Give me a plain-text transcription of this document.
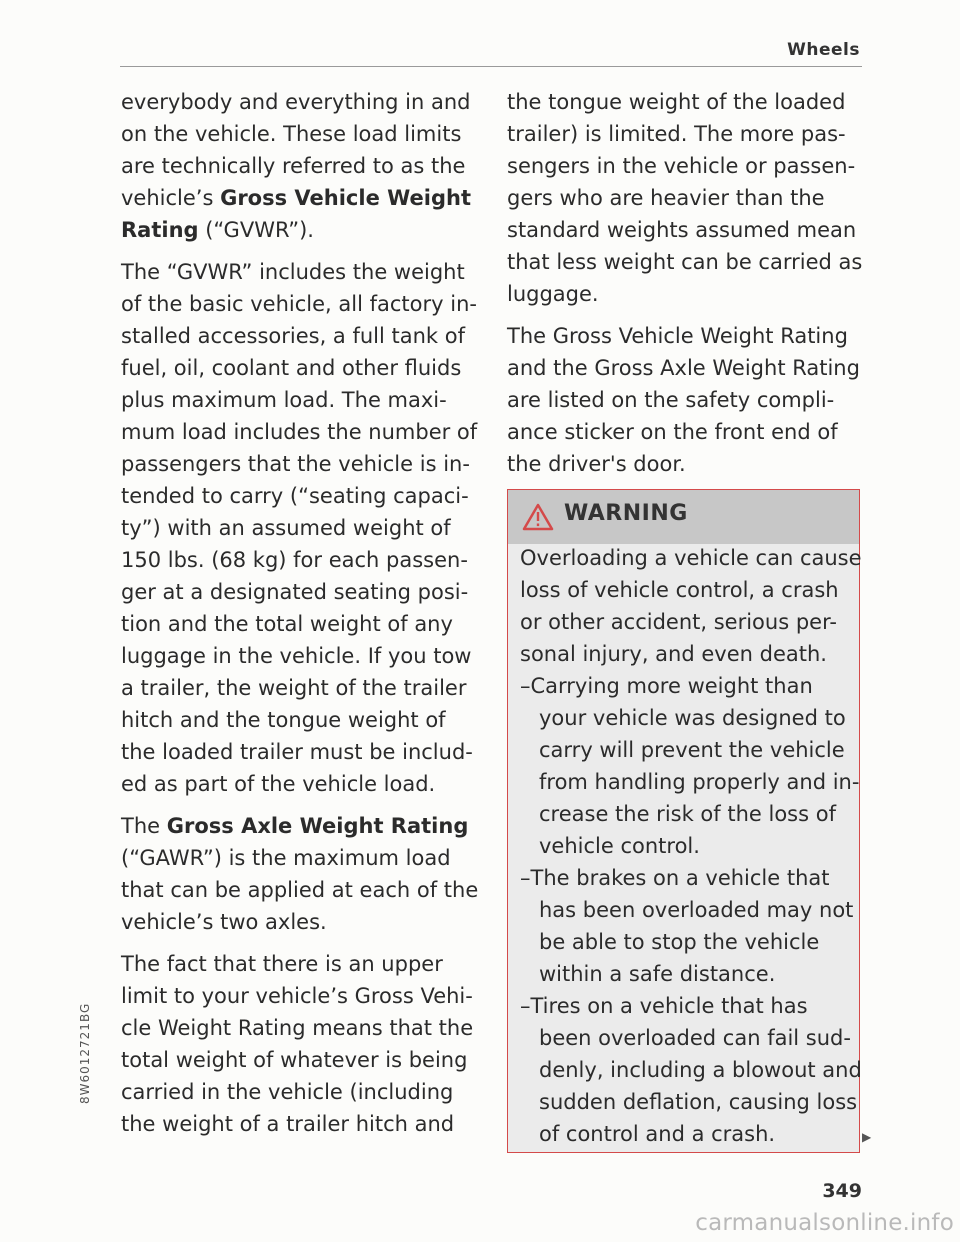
Wheels

everybody and everything in and
on the vehicle. These load limits
are technically referred to as the
vehicle’s Gross Vehicle Weight
Rating (“GVWR”).

The “GVWR” includes the weight
of the basic vehicle, all factory in-
stalled accessories, a full tank of
fuel, oil, coolant and other fluids
plus maximum load. The maxi-
mum load includes the number of
passengers that the vehicle is in-
tended to carry (“seating capaci-
ty”) with an assumed weight of
150 lbs. (68 kg) for each passen-
ger at a designated seating posi-
tion and the total weight of any
luggage in the vehicle. If you tow
a trailer, the weight of the trailer
hitch and the tongue weight of
the loaded trailer must be includ-
ed as part of the vehicle load.

The Gross Axle Weight Rating
(“GAWR”) is the maximum load
that can be applied at each of the
vehicle’s two axles.

The fact that there is an upper
limit to your vehicle’s Gross Vehi-
cle Weight Rating means that the
total weight of whatever is being
carried in the vehicle (including
the weight of a trailer hitch and

the tongue weight of the loaded
trailer) is limited. The more pas-
sengers in the vehicle or passen-
gers who are heavier than the
standard weights assumed mean
that less weight can be carried as
luggage.

The Gross Vehicle Weight Rating
and the Gross Axle Weight Rating
are listed on the safety compli-
ance sticker on the front end of
the driver's door.

WARNING
Overloading a vehicle can cause
loss of vehicle control, a crash
or other accident, serious per-
sonal injury, and even death.
–Carrying more weight than
your vehicle was designed to
carry will prevent the vehicle
from handling properly and in-
crease the risk of the loss of
vehicle control.
–The brakes on a vehicle that
has been overloaded may not
be able to stop the vehicle
within a safe distance.
–Tires on a vehicle that has
been overloaded can fail sud-
denly, including a blowout and
sudden deflation, causing loss
of control and a crash.	▶
349
8W6012721BG
carmanualsonline.info
